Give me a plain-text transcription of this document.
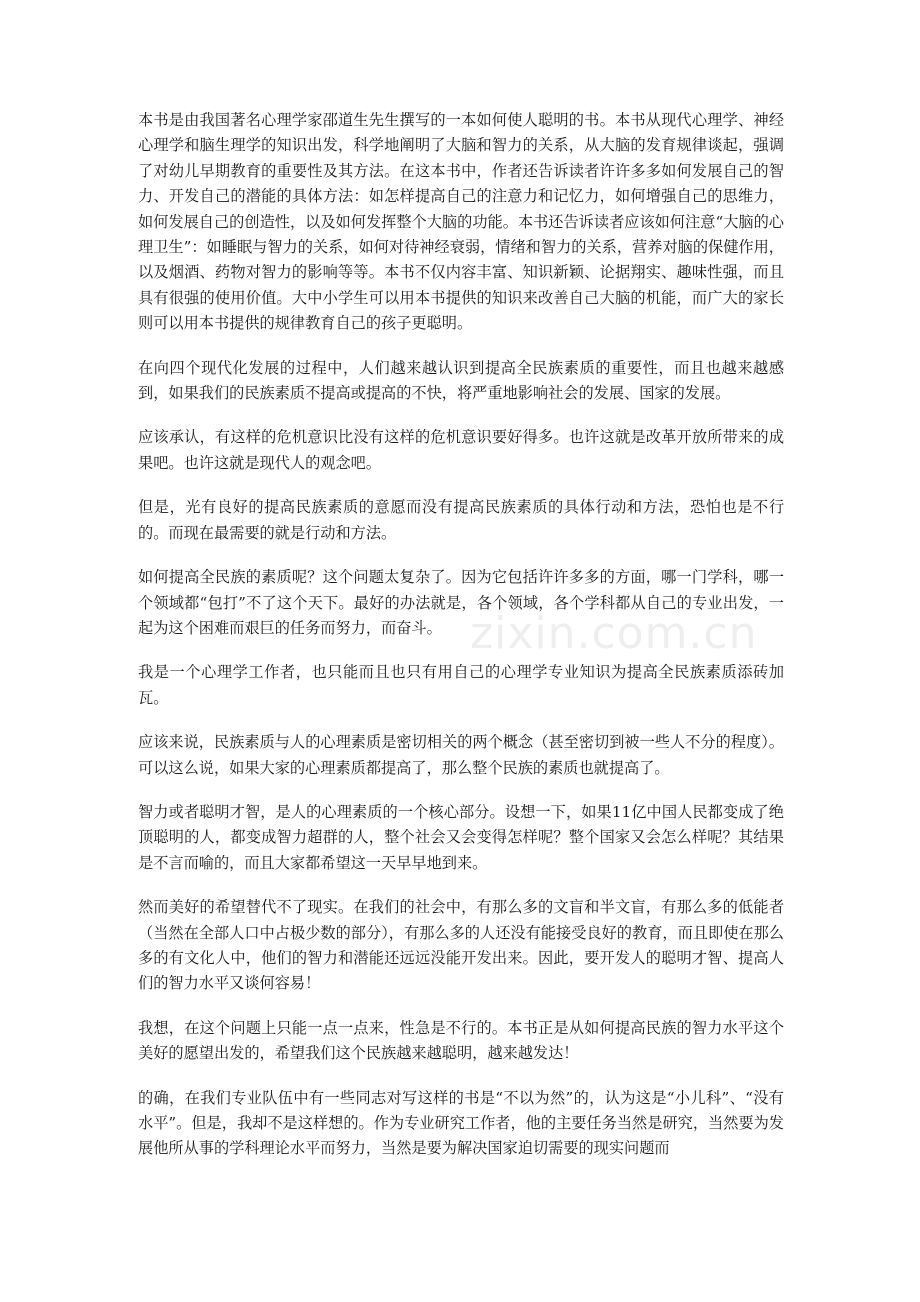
本书是由我国著名心理学家邵道生先生撰写的一本如何使人聪明的书。本书从现代心理学、神经心理学和脑生理学的知识出发，科学地阐明了大脑和智力的关系，从大脑的发育规律谈起，强调了对幼儿早期教育的重要性及其方法。在这本书中，作者还告诉读者许许多多如何发展自己的智力、开发自己的潜能的具体方法：如怎样提高自己的注意力和记忆力，如何增强自己的思维力，如何发展自己的创造性，以及如何发挥整个大脑的功能。本书还告诉读者应该如何注意“大脑的心理卫生”：如睡眠与智力的关系，如何对待神经衰弱，情绪和智力的关系，营养对脑的保健作用，以及烟酒、药物对智力的影响等等。本书不仅内容丰富、知识新颖、论据翔实、趣味性强，而且具有很强的使用价值。大中小学生可以用本书提供的知识来改善自己大脑的机能，而广大的家长则可以用本书提供的规律教育自己的孩子更聪明。

在向四个现代化发展的过程中，人们越来越认识到提高全民族素质的重要性，而且也越来越感到，如果我们的民族素质不提高或提高的不快，将严重地影响社会的发展、国家的发展。

应该承认，有这样的危机意识比没有这样的危机意识要好得多。也许这就是改革开放所带来的成果吧。也许这就是现代人的观念吧。

但是，光有良好的提高民族素质的意愿而没有提高民族素质的具体行动和方法，恐怕也是不行的。而现在最需要的就是行动和方法。

如何提高全民族的素质呢？这个问题太复杂了。因为它包括许许多多的方面，哪一门学科，哪一个领域都“包打”不了这个天下。最好的办法就是，各个领域，各个学科都从自己的专业出发，一起为这个困难而艰巨的任务而努力，而奋斗。

我是一个心理学工作者，也只能而且也只有用自己的心理学专业知识为提高全民族素质添砖加瓦。

应该来说，民族素质与人的心理素质是密切相关的两个概念（甚至密切到被一些人不分的程度）。可以这么说，如果大家的心理素质都提高了，那么整个民族的素质也就提高了。

智力或者聪明才智，是人的心理素质的一个核心部分。设想一下，如果11亿中国人民都变成了绝顶聪明的人，都变成智力超群的人，整个社会又会变得怎样呢？整个国家又会怎么样呢？其结果是不言而喻的，而且大家都希望这一天早早地到来。

然而美好的希望替代不了现实。在我们的社会中，有那么多的文盲和半文盲，有那么多的低能者（当然在全部人口中占极少数的部分），有那么多的人还没有能接受良好的教育，而且即使在那么多的有文化人中，他们的智力和潜能还远远没能开发出来。因此，要开发人的聪明才智、提高人们的智力水平又谈何容易！

我想，在这个问题上只能一点一点来，性急是不行的。本书正是从如何提高民族的智力水平这个美好的愿望出发的，希望我们这个民族越来越聪明，越来越发达！

的确，在我们专业队伍中有一些同志对写这样的书是“不以为然”的，认为这是“小儿科”、“没有水平”。但是，我却不是这样想的。作为专业研究工作者，他的主要任务当然是研究，当然要为发展他所从事的学科理论水平而努力，当然是要为解决国家迫切需要的现实问题而

zixin.com.cn
